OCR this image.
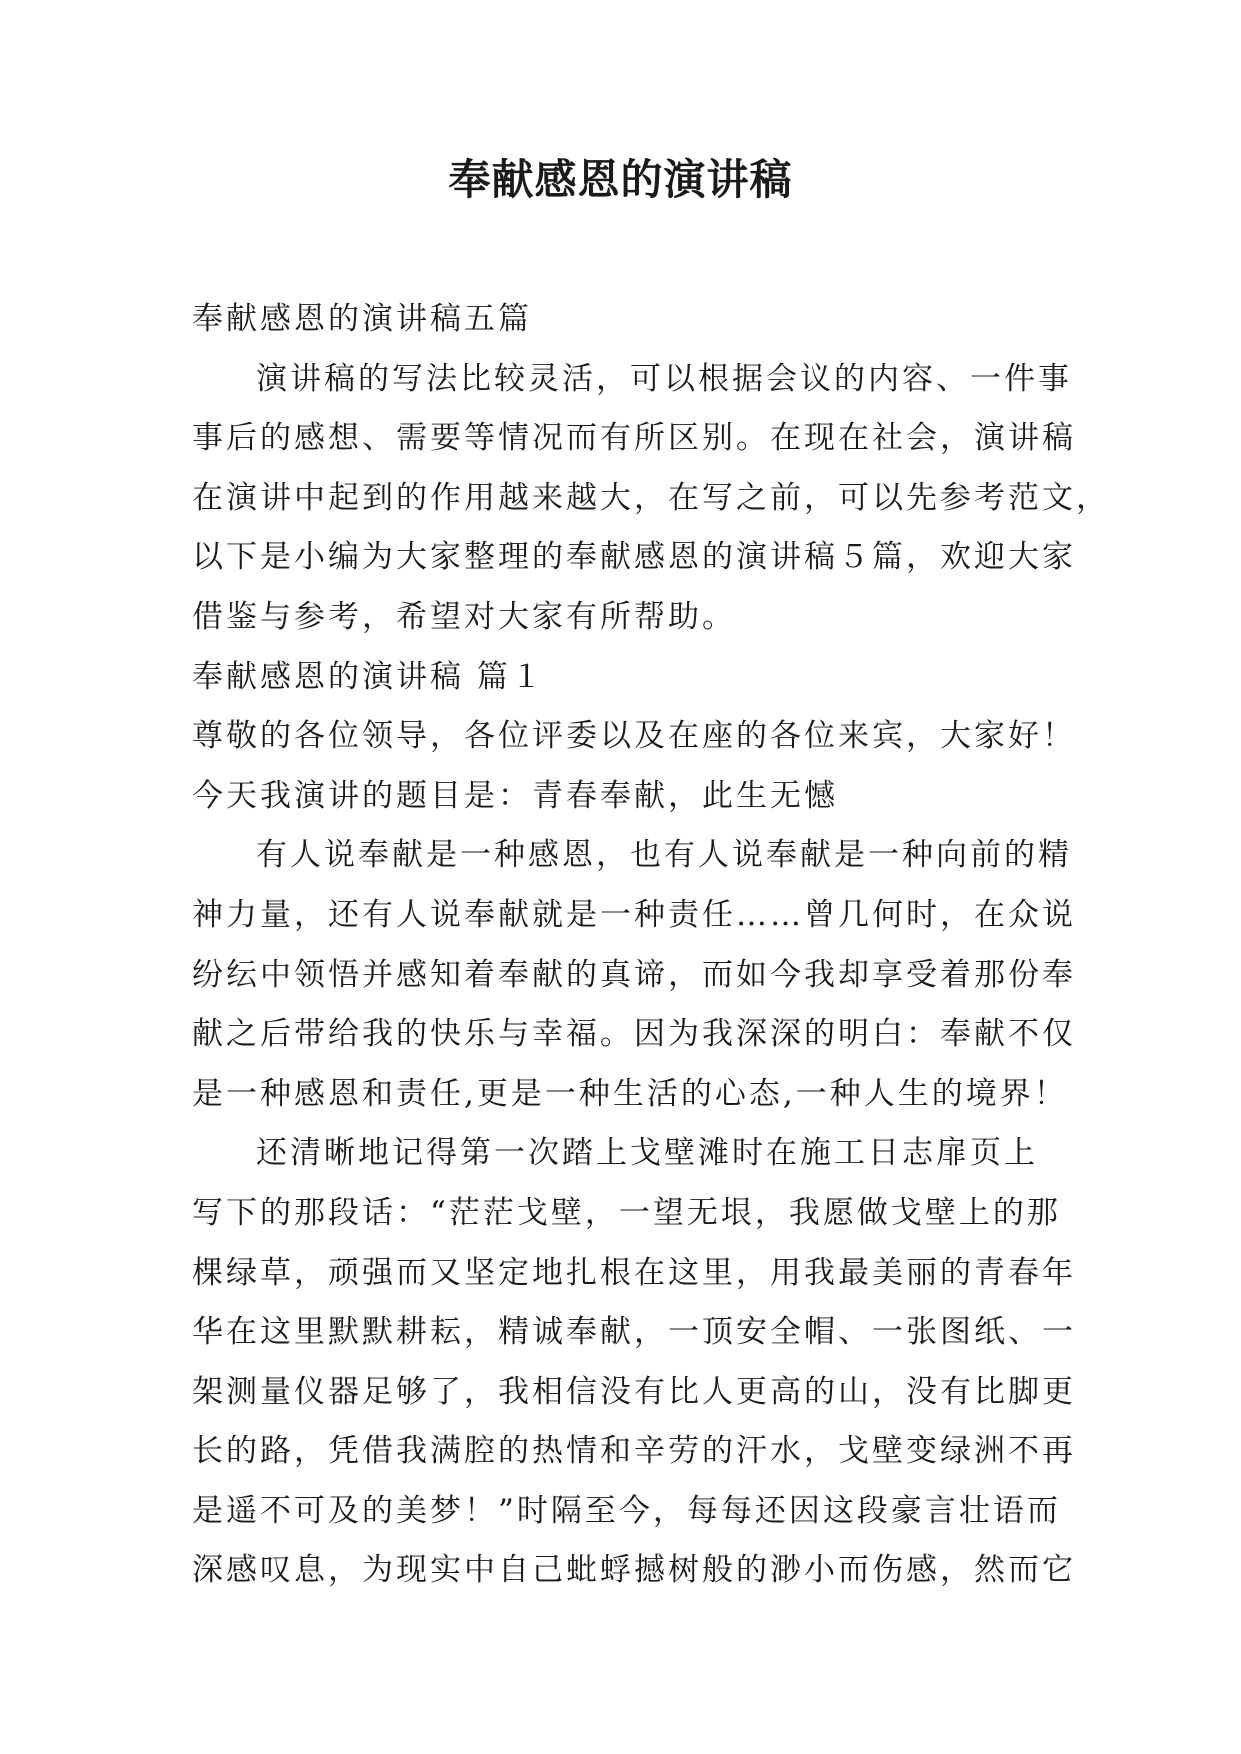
奉献感恩的演讲稿
奉献感恩的演讲稿五篇
演讲稿的写法比较灵活，可以根据会议的内容、一件事
事后的感想、需要等情况而有所区别。在现在社会，演讲稿
在演讲中起到的作用越来越大，在写之前，可以先参考范文，
以下是小编为大家整理的奉献感恩的演讲稿５篇，欢迎大家
借鉴与参考，希望对大家有所帮助。
奉献感恩的演讲稿 篇１
尊敬的各位领导，各位评委以及在座的各位来宾，大家好！
今天我演讲的题目是：青春奉献，此生无憾
有人说奉献是一种感恩，也有人说奉献是一种向前的精
神力量，还有人说奉献就是一种责任……曾几何时，在众说
纷纭中领悟并感知着奉献的真谛，而如今我却享受着那份奉
献之后带给我的快乐与幸福。因为我深深的明白：奉献不仅
是一种感恩和责任,更是一种生活的心态,一种人生的境界！
还清晰地记得第一次踏上戈壁滩时在施工日志扉页上
写下的那段话：“茫茫戈壁，一望无垠，我愿做戈壁上的那
棵绿草，顽强而又坚定地扎根在这里，用我最美丽的青春年
华在这里默默耕耘，精诚奉献，一顶安全帽、一张图纸、一
架测量仪器足够了，我相信没有比人更高的山，没有比脚更
长的路，凭借我满腔的热情和辛劳的汗水，戈壁变绿洲不再
是遥不可及的美梦！”时隔至今，每每还因这段豪言壮语而
深感叹息，为现实中自己蚍蜉撼树般的渺小而伤感，然而它
